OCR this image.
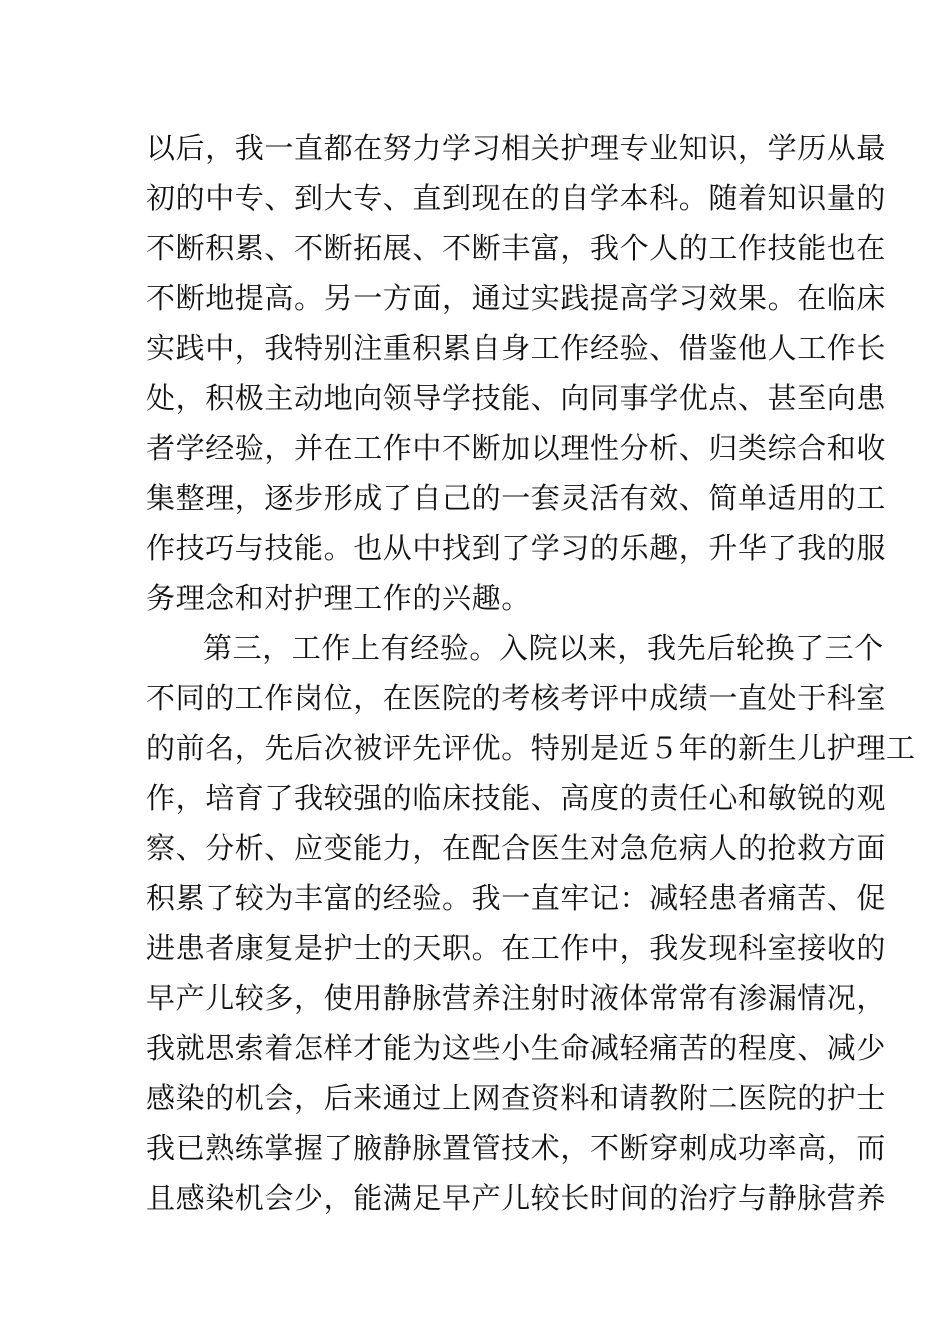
以后，我一直都在努力学习相关护理专业知识，学历从最
初的中专、到大专、直到现在的自学本科。随着知识量的
不断积累、不断拓展、不断丰富，我个人的工作技能也在
不断地提高。另一方面，通过实践提高学习效果。在临床
实践中，我特别注重积累自身工作经验、借鉴他人工作长
处，积极主动地向领导学技能、向同事学优点、甚至向患
者学经验，并在工作中不断加以理性分析、归类综合和收
集整理，逐步形成了自己的一套灵活有效、简单适用的工
作技巧与技能。也从中找到了学习的乐趣，升华了我的服
务理念和对护理工作的兴趣。
第三，工作上有经验。入院以来，我先后轮换了三个
不同的工作岗位，在医院的考核考评中成绩一直处于科室
的前名，先后次被评先评优。特别是近５年的新生儿护理工
作，培育了我较强的临床技能、高度的责任心和敏锐的观
察、分析、应变能力，在配合医生对急危病人的抢救方面
积累了较为丰富的经验。我一直牢记：减轻患者痛苦、促
进患者康复是护士的天职。在工作中，我发现科室接收的
早产儿较多，使用静脉营养注射时液体常常有渗漏情况，
我就思索着怎样才能为这些小生命减轻痛苦的程度、减少
感染的机会，后来通过上网查资料和请教附二医院的护士
我已熟练掌握了腋静脉置管技术，不断穿刺成功率高，而
且感染机会少，能满足早产儿较长时间的治疗与静脉营养
